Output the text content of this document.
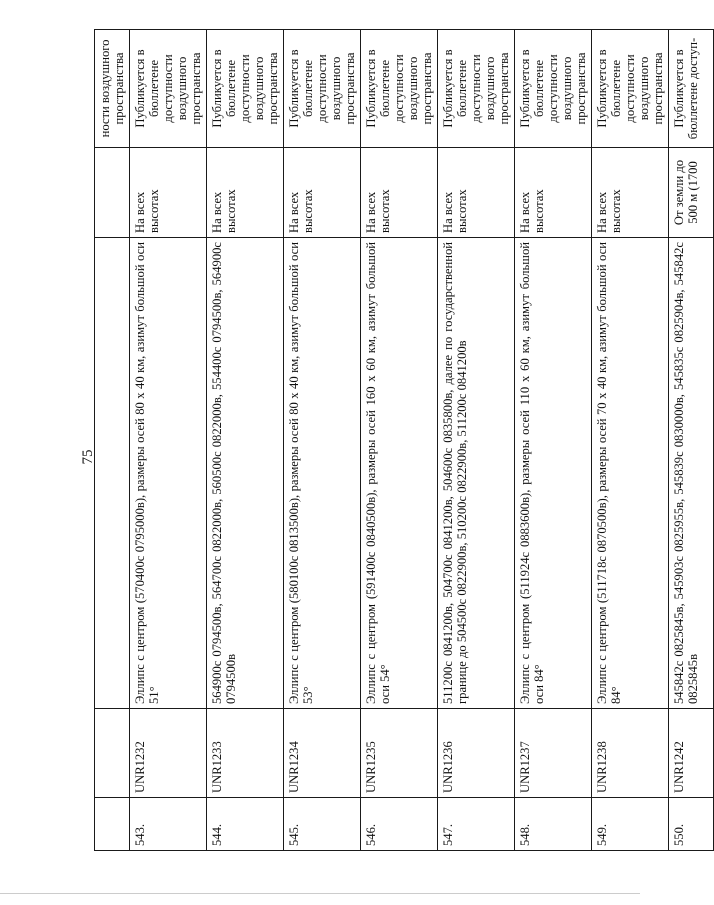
75
				ности воздушного пространства
543.	UNR1232	Эллипс с центром (570400с 0795000в), размеры осей 80 х 40 км, азимут большой оси 51°	На всех высотах	Публикуется в бюллетене доступности воздушного пространства
544.	UNR1233	564900с 0794500в, 564700с 0822000в, 560500с 0822000в, 554400с 0794500в, 564900с 0794500в	На всех высотах	Публикуется в бюллетене доступности воздушного пространства
545.	UNR1234	Эллипс с центром (580100с 0813500в), размеры осей 80 х 40 км, азимут большой оси 53°	На всех высотах	Публикуется в бюллетене доступности воздушного пространства
546.	UNR1235	Эллипс с центром (591400с 0840500в), размеры осей 160 х 60 км, азимут большой оси 54°	На всех высотах	Публикуется в бюллетене доступности воздушного пространства
547.	UNR1236	511200с 0841200в, 504700с 0841200в, 504600с 0835800в, далее по государственной границе до 504500с 0822900в, 510200с 0822900в, 511200с 0841200в	На всех высотах	Публикуется в бюллетене доступности воздушного пространства
548.	UNR1237	Эллипс с центром (511924с 0883600в), размеры осей 110 х 60 км, азимут большой оси 84°	На всех высотах	Публикуется в бюллетене доступности воздушного пространства
549.	UNR1238	Эллипс с центром (511718с 0870500в), размеры осей 70 х 40 км, азимут большой оси 84°	На всех высотах	Публикуется в бюллетене доступности воздушного пространства
550.	UNR1242	545842с 0825845в, 545903с 0825955в, 545839с 0830000в, 545835с 0825904в, 545842с 0825845в	От земли до 500 м (1700	Публикуется в бюллетене доступ-
